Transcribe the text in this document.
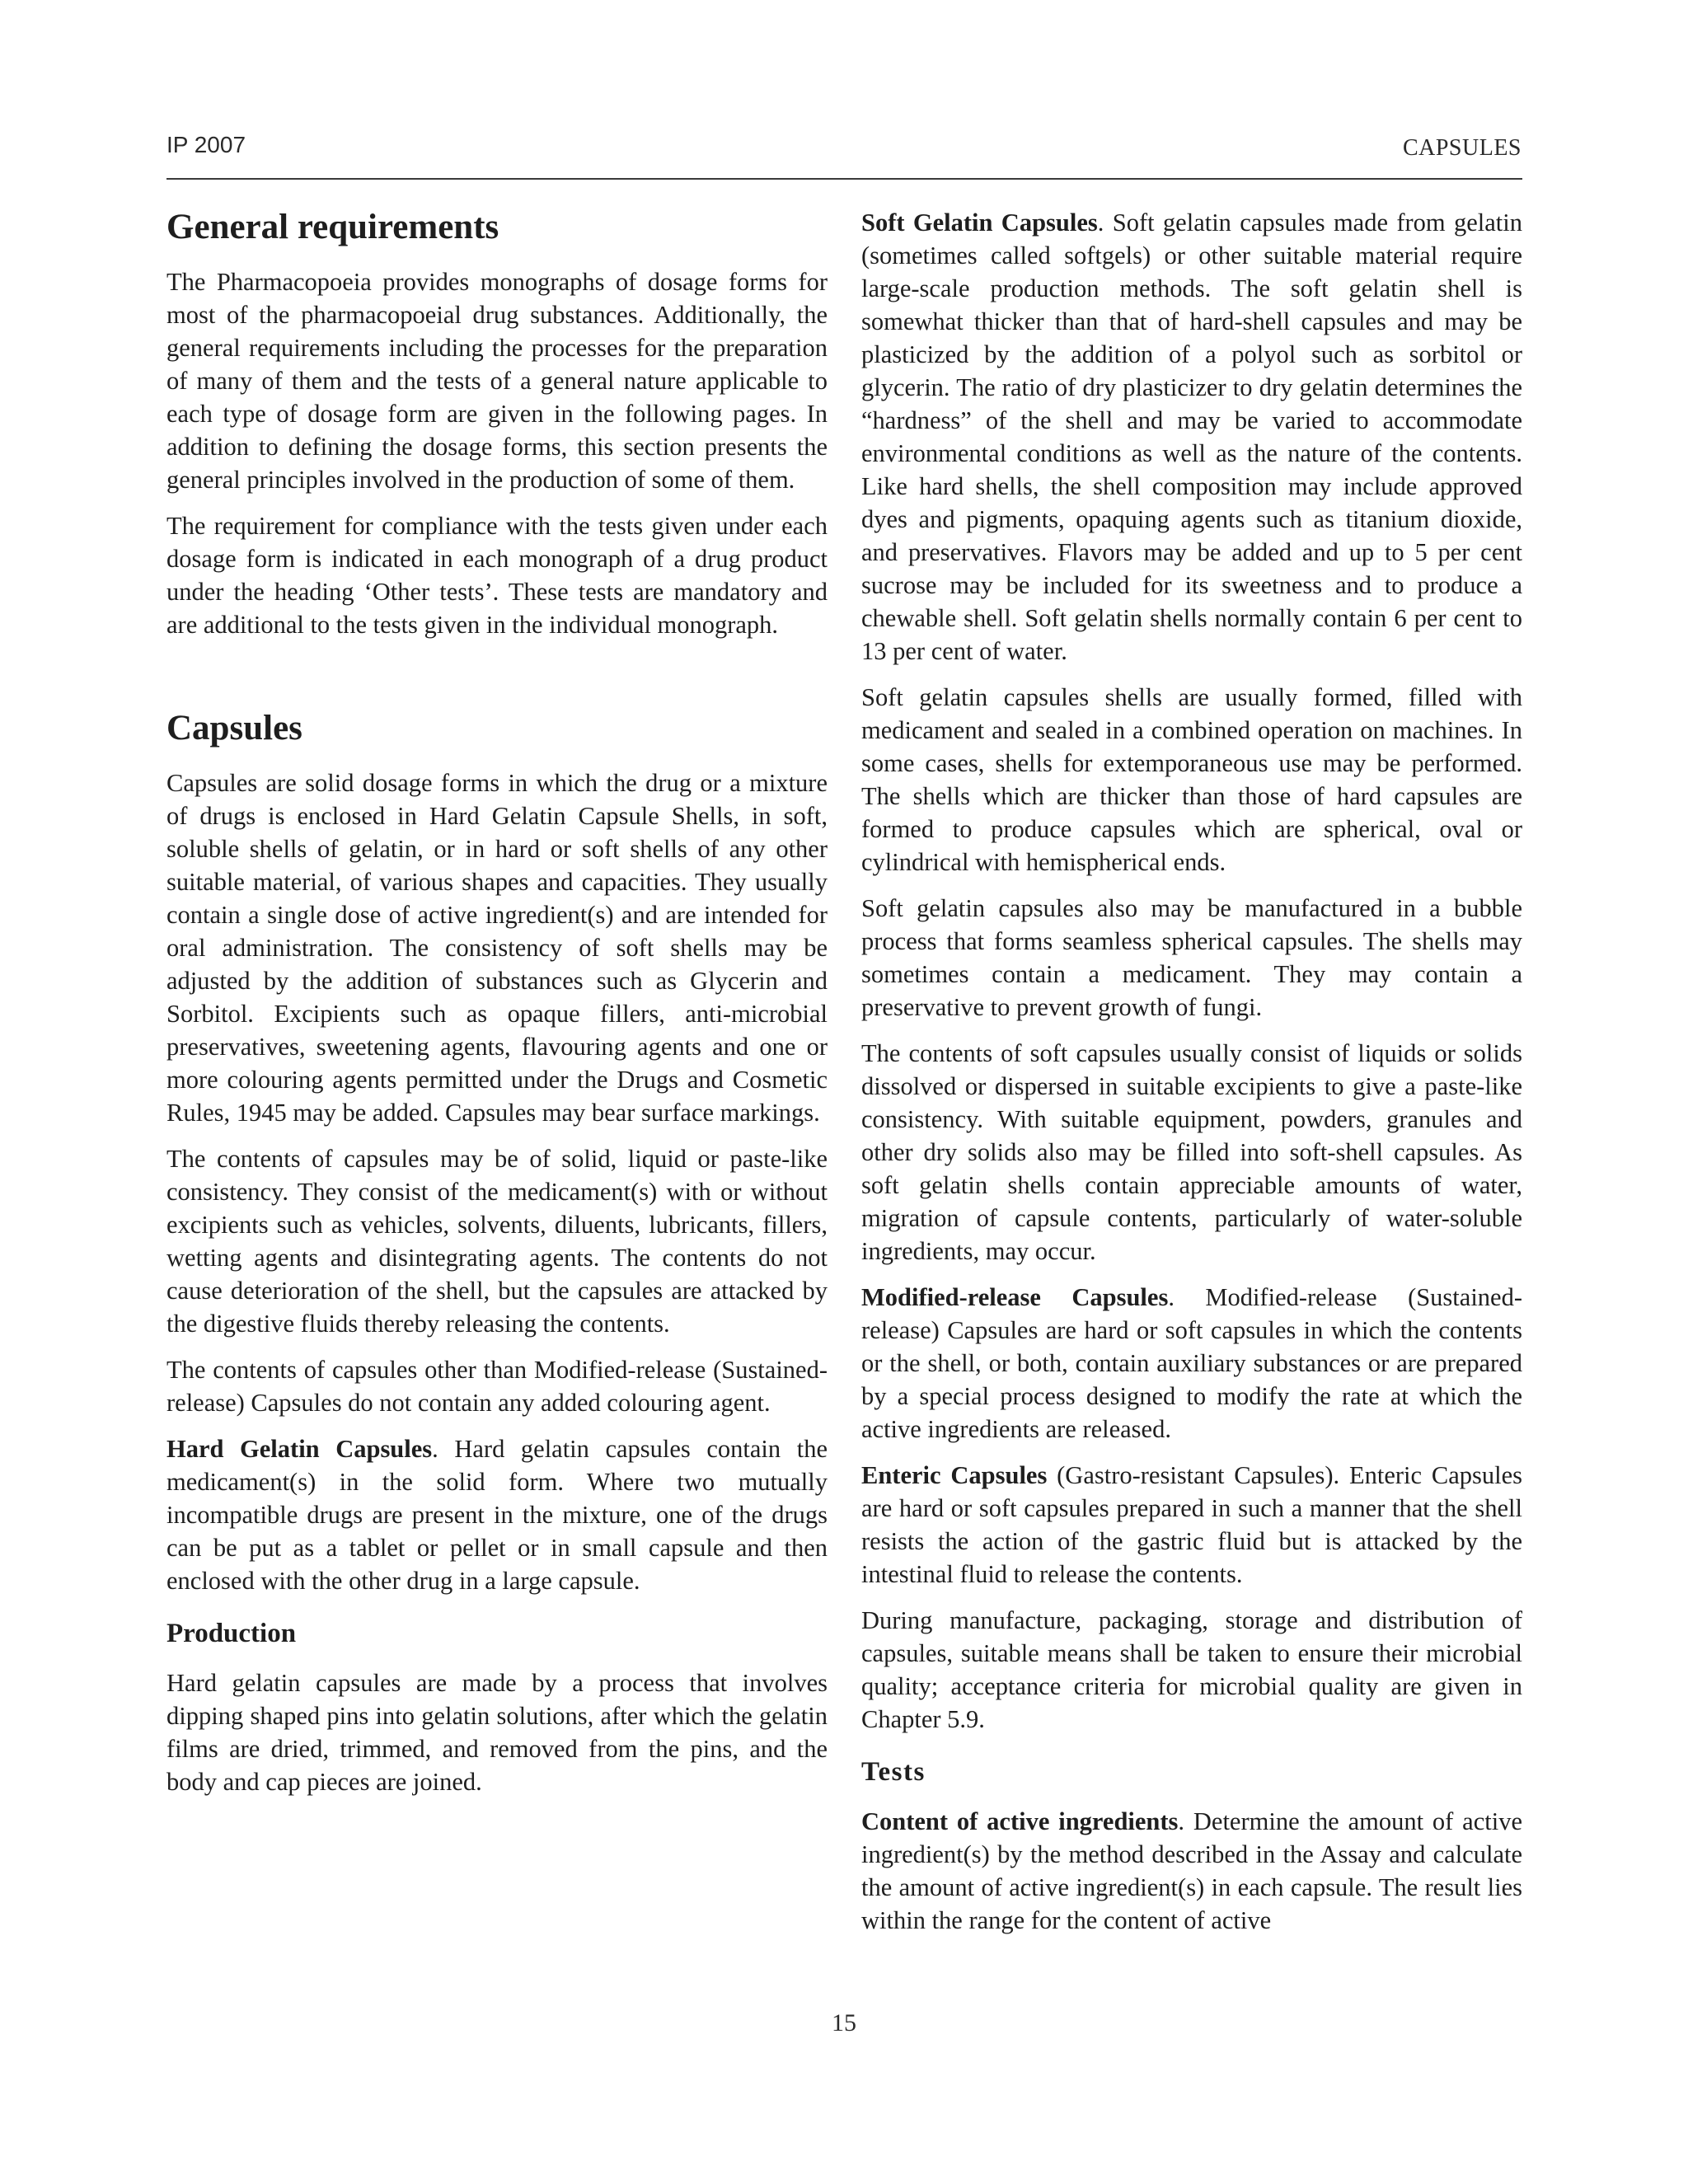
IP 2007	CAPSULES
General requirements

The Pharmacopoeia provides monographs of dosage forms for most of the pharmacopoeial drug substances. Additionally, the general requirements including the processes for the preparation of many of them and the tests of a general nature applicable to each type of dosage form are given in the following pages. In addition to defining the dosage forms, this section presents the general principles involved in the production of some of them.

The requirement for compliance with the tests given under each dosage form is indicated in each monograph of a drug product under the heading ‘Other tests’. These tests are mandatory and are additional to the tests given in the individual monograph.

Capsules

Capsules are solid dosage forms in which the drug or a mixture of drugs is enclosed in Hard Gelatin Capsule Shells, in soft, soluble shells of gelatin, or in hard or soft shells of any other suitable material, of various shapes and capacities. They usually contain a single dose of active ingredient(s) and are intended for oral administration. The consistency of soft shells may be adjusted by the addition of substances such as Glycerin and Sorbitol. Excipients such as opaque fillers, anti-microbial preservatives, sweetening agents, flavouring agents and one or more colouring agents permitted under the Drugs and Cosmetic Rules, 1945 may be added. Capsules may bear surface markings.

The contents of capsules may be of solid, liquid or paste-like consistency. They consist of the medicament(s) with or without excipients such as vehicles, solvents, diluents, lubricants, fillers, wetting agents and disintegrating agents. The contents do not cause deterioration of the shell, but the capsules are attacked by the digestive fluids thereby releasing the contents.

The contents of capsules other than Modified-release (Sustained-release) Capsules do not contain any added colouring agent.

Hard Gelatin Capsules. Hard gelatin capsules contain the medicament(s) in the solid form. Where two mutually incompatible drugs are present in the mixture, one of the drugs can be put as a tablet or pellet or in small capsule and then enclosed with the other drug in a large capsule.

Production

Hard gelatin capsules are made by a process that involves dipping shaped pins into gelatin solutions, after which the gelatin films are dried, trimmed, and removed from the pins, and the body and cap pieces are joined.

Soft Gelatin Capsules. Soft gelatin capsules made from gelatin (sometimes called softgels) or other suitable material require large-scale production methods. The soft gelatin shell is somewhat thicker than that of hard-shell capsules and may be plasticized by the addition of a polyol such as sorbitol or glycerin. The ratio of dry plasticizer to dry gelatin determines the “hardness” of the shell and may be varied to accommodate environmental conditions as well as the nature of the contents. Like hard shells, the shell composition may include approved dyes and pigments, opaquing agents such as titanium dioxide, and preservatives. Flavors may be added and up to 5 per cent sucrose may be included for its sweetness and to produce a chewable shell. Soft gelatin shells normally contain 6 per cent to 13 per cent of water.

Soft gelatin capsules shells are usually formed, filled with medicament and sealed in a combined operation on machines. In some cases, shells for extemporaneous use may be performed. The shells which are thicker than those of hard capsules are formed to produce capsules which are spherical, oval or cylindrical with hemispherical ends.

Soft gelatin capsules also may be manufactured in a bubble process that forms seamless spherical capsules. The shells may sometimes contain a medicament. They may contain a preservative to prevent growth of fungi.

The contents of soft capsules usually consist of liquids or solids dissolved or dispersed in suitable excipients to give a paste-like consistency. With suitable equipment, powders, granules and other dry solids also may be filled into soft-shell capsules. As soft gelatin shells contain appreciable amounts of water, migration of capsule contents, particularly of water-soluble ingredients, may occur.

Modified-release Capsules. Modified-release (Sustained-release) Capsules are hard or soft capsules in which the contents or the shell, or both, contain auxiliary substances or are prepared by a special process designed to modify the rate at which the active ingredients are released.

Enteric Capsules (Gastro-resistant Capsules). Enteric Capsules are hard or soft capsules prepared in such a manner that the shell resists the action of the gastric fluid but is attacked by the intestinal fluid to release the contents.

During manufacture, packaging, storage and distribution of capsules, suitable means shall be taken to ensure their microbial quality; acceptance criteria for microbial quality are given in Chapter 5.9.

Tests

Content of active ingredients. Determine the amount of active ingredient(s) by the method described in the Assay and calculate the amount of active ingredient(s) in each capsule. The result lies within the range for the content of active

15
